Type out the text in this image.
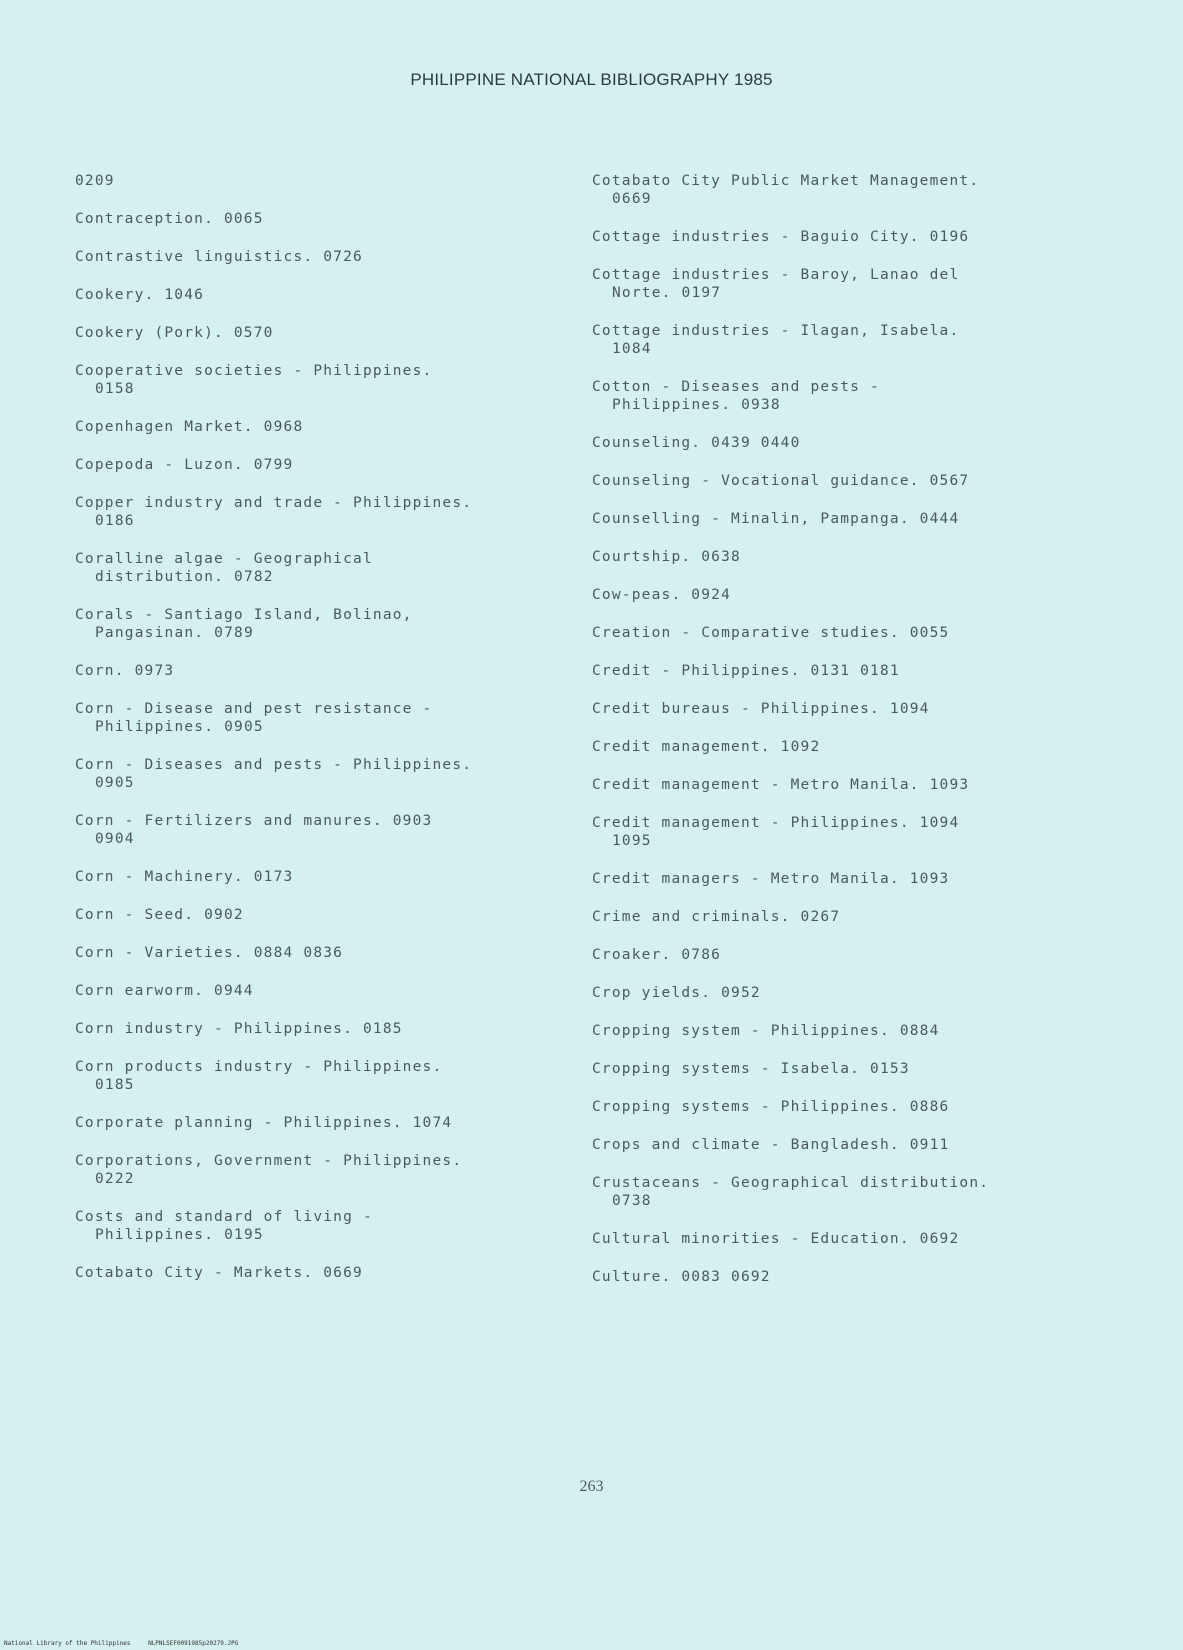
PHILIPPINE NATIONAL BIBLIOGRAPHY 1985
0209
Contraception. 0065
Contrastive linguistics. 0726
Cookery. 1046
Cookery (Pork). 0570
Cooperative societies - Philippines.
0158
Copenhagen Market. 0968
Copepoda - Luzon. 0799
Copper industry and trade - Philippines.
0186
Coralline algae - Geographical
distribution. 0782
Corals - Santiago Island, Bolinao,
Pangasinan. 0789
Corn. 0973
Corn - Disease and pest resistance -
Philippines. 0905
Corn - Diseases and pests - Philippines.
0905
Corn - Fertilizers and manures. 0903
0904
Corn - Machinery. 0173
Corn - Seed. 0902
Corn - Varieties. 0884 0836
Corn earworm. 0944
Corn industry - Philippines. 0185
Corn products industry - Philippines.
0185
Corporate planning - Philippines. 1074
Corporations, Government - Philippines.
0222
Costs and standard of living -
Philippines. 0195
Cotabato City - Markets. 0669
Cotabato City Public Market Management.
0669
Cottage industries - Baguio City. 0196
Cottage industries - Baroy, Lanao del
Norte. 0197
Cottage industries - Ilagan, Isabela.
1084
Cotton - Diseases and pests -
Philippines. 0938
Counseling. 0439 0440
Counseling - Vocational guidance. 0567
Counselling - Minalin, Pampanga. 0444
Courtship. 0638
Cow-peas. 0924
Creation - Comparative studies. 0055
Credit - Philippines. 0131 0181
Credit bureaus - Philippines. 1094
Credit management. 1092
Credit management - Metro Manila. 1093
Credit management - Philippines. 1094
1095
Credit managers - Metro Manila. 1093
Crime and criminals. 0267
Croaker. 0786
Crop yields. 0952
Cropping system - Philippines. 0884
Cropping systems - Isabela. 0153
Cropping systems - Philippines. 0886
Crops and climate - Bangladesh. 0911
Crustaceans - Geographical distribution.
0738
Cultural minorities - Education. 0692
Culture. 0083 0692
263
National Library of the Philippines	NLPNLSEF0091985p20279.JPG
